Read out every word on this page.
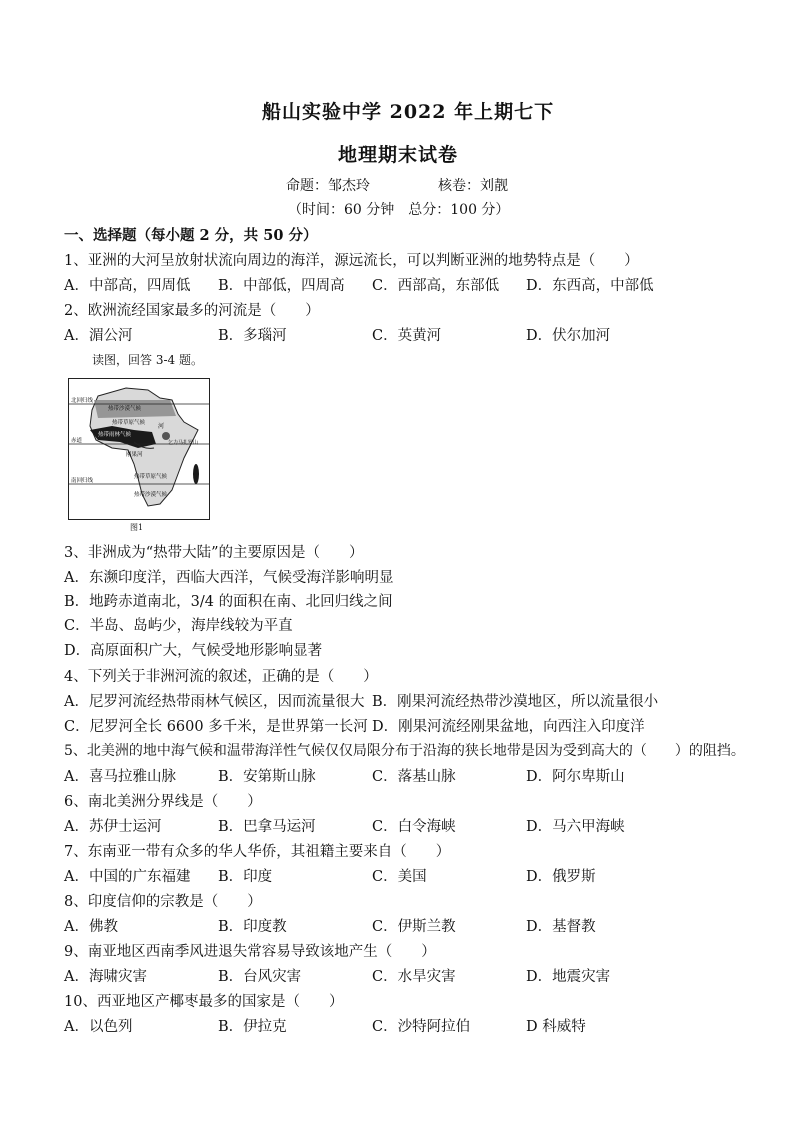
船山实验中学 2022 年上期七下
地理期末试卷
命题：邹杰玲	核卷：刘靓
（时间：60 分钟　总分：100 分）
一、选择题（每小题 2 分，共 50 分）
1、亚洲的大河呈放射状流向周边的海洋，源远流长，可以判断亚洲的地势特点是（　　）
A．中部高，四周低 B．中部低，四周高 C．西部高，东部低 D．东西高，中部低
2、欧洲流经国家最多的河流是（　　）
A．湄公河	B．多瑙河	C．英黄河	D．伏尔加河
读图，回答 3-4 题。
北回归线
热带沙漠气候
热带草原气候
赤道
热带雨林气候
乞力马扎罗山
刚果河
南回归线
热带草原气候
热带沙漠气候
河
图1
3、非洲成为“热带大陆”的主要原因是（　　）
A．东濒印度洋，西临大西洋，气候受海洋影响明显
B．地跨赤道南北，3/4 的面积在南、北回归线之间
C．半岛、岛屿少，海岸线较为平直
D．高原面积广大，气候受地形影响显著
4、下列关于非洲河流的叙述，正确的是（　　）
A．尼罗河流经热带雨林气候区，因而流量很大 B．刚果河流经热带沙漠地区，所以流量很小
C．尼罗河全长 6600 多千米，是世界第一长河 D．刚果河流经刚果盆地，向西注入印度洋
5、北美洲的地中海气候和温带海洋性气候仅仅局限分布于沿海的狭长地带是因为受到高大的（　　）的阻挡。
A．喜马拉雅山脉	B．安第斯山脉	C．落基山脉	D．阿尔卑斯山
6、南北美洲分界线是（　　）
A．苏伊士运河	B．巴拿马运河	C．白令海峡	D．马六甲海峡
7、东南亚一带有众多的华人华侨，其祖籍主要来自（　　）
A．中国的广东福建 B．印度	C．美国	D．俄罗斯
8、印度信仰的宗教是（　　）
A．佛教	B．印度教	C．伊斯兰教	D．基督教
9、南亚地区西南季风进退失常容易导致该地产生（　　）
A．海啸灾害	B．台风灾害	C．水旱灾害	D．地震灾害
10、西亚地区产椰枣最多的国家是（　　）
A．以色列	B．伊拉克	C．沙特阿拉伯	D 科威特
